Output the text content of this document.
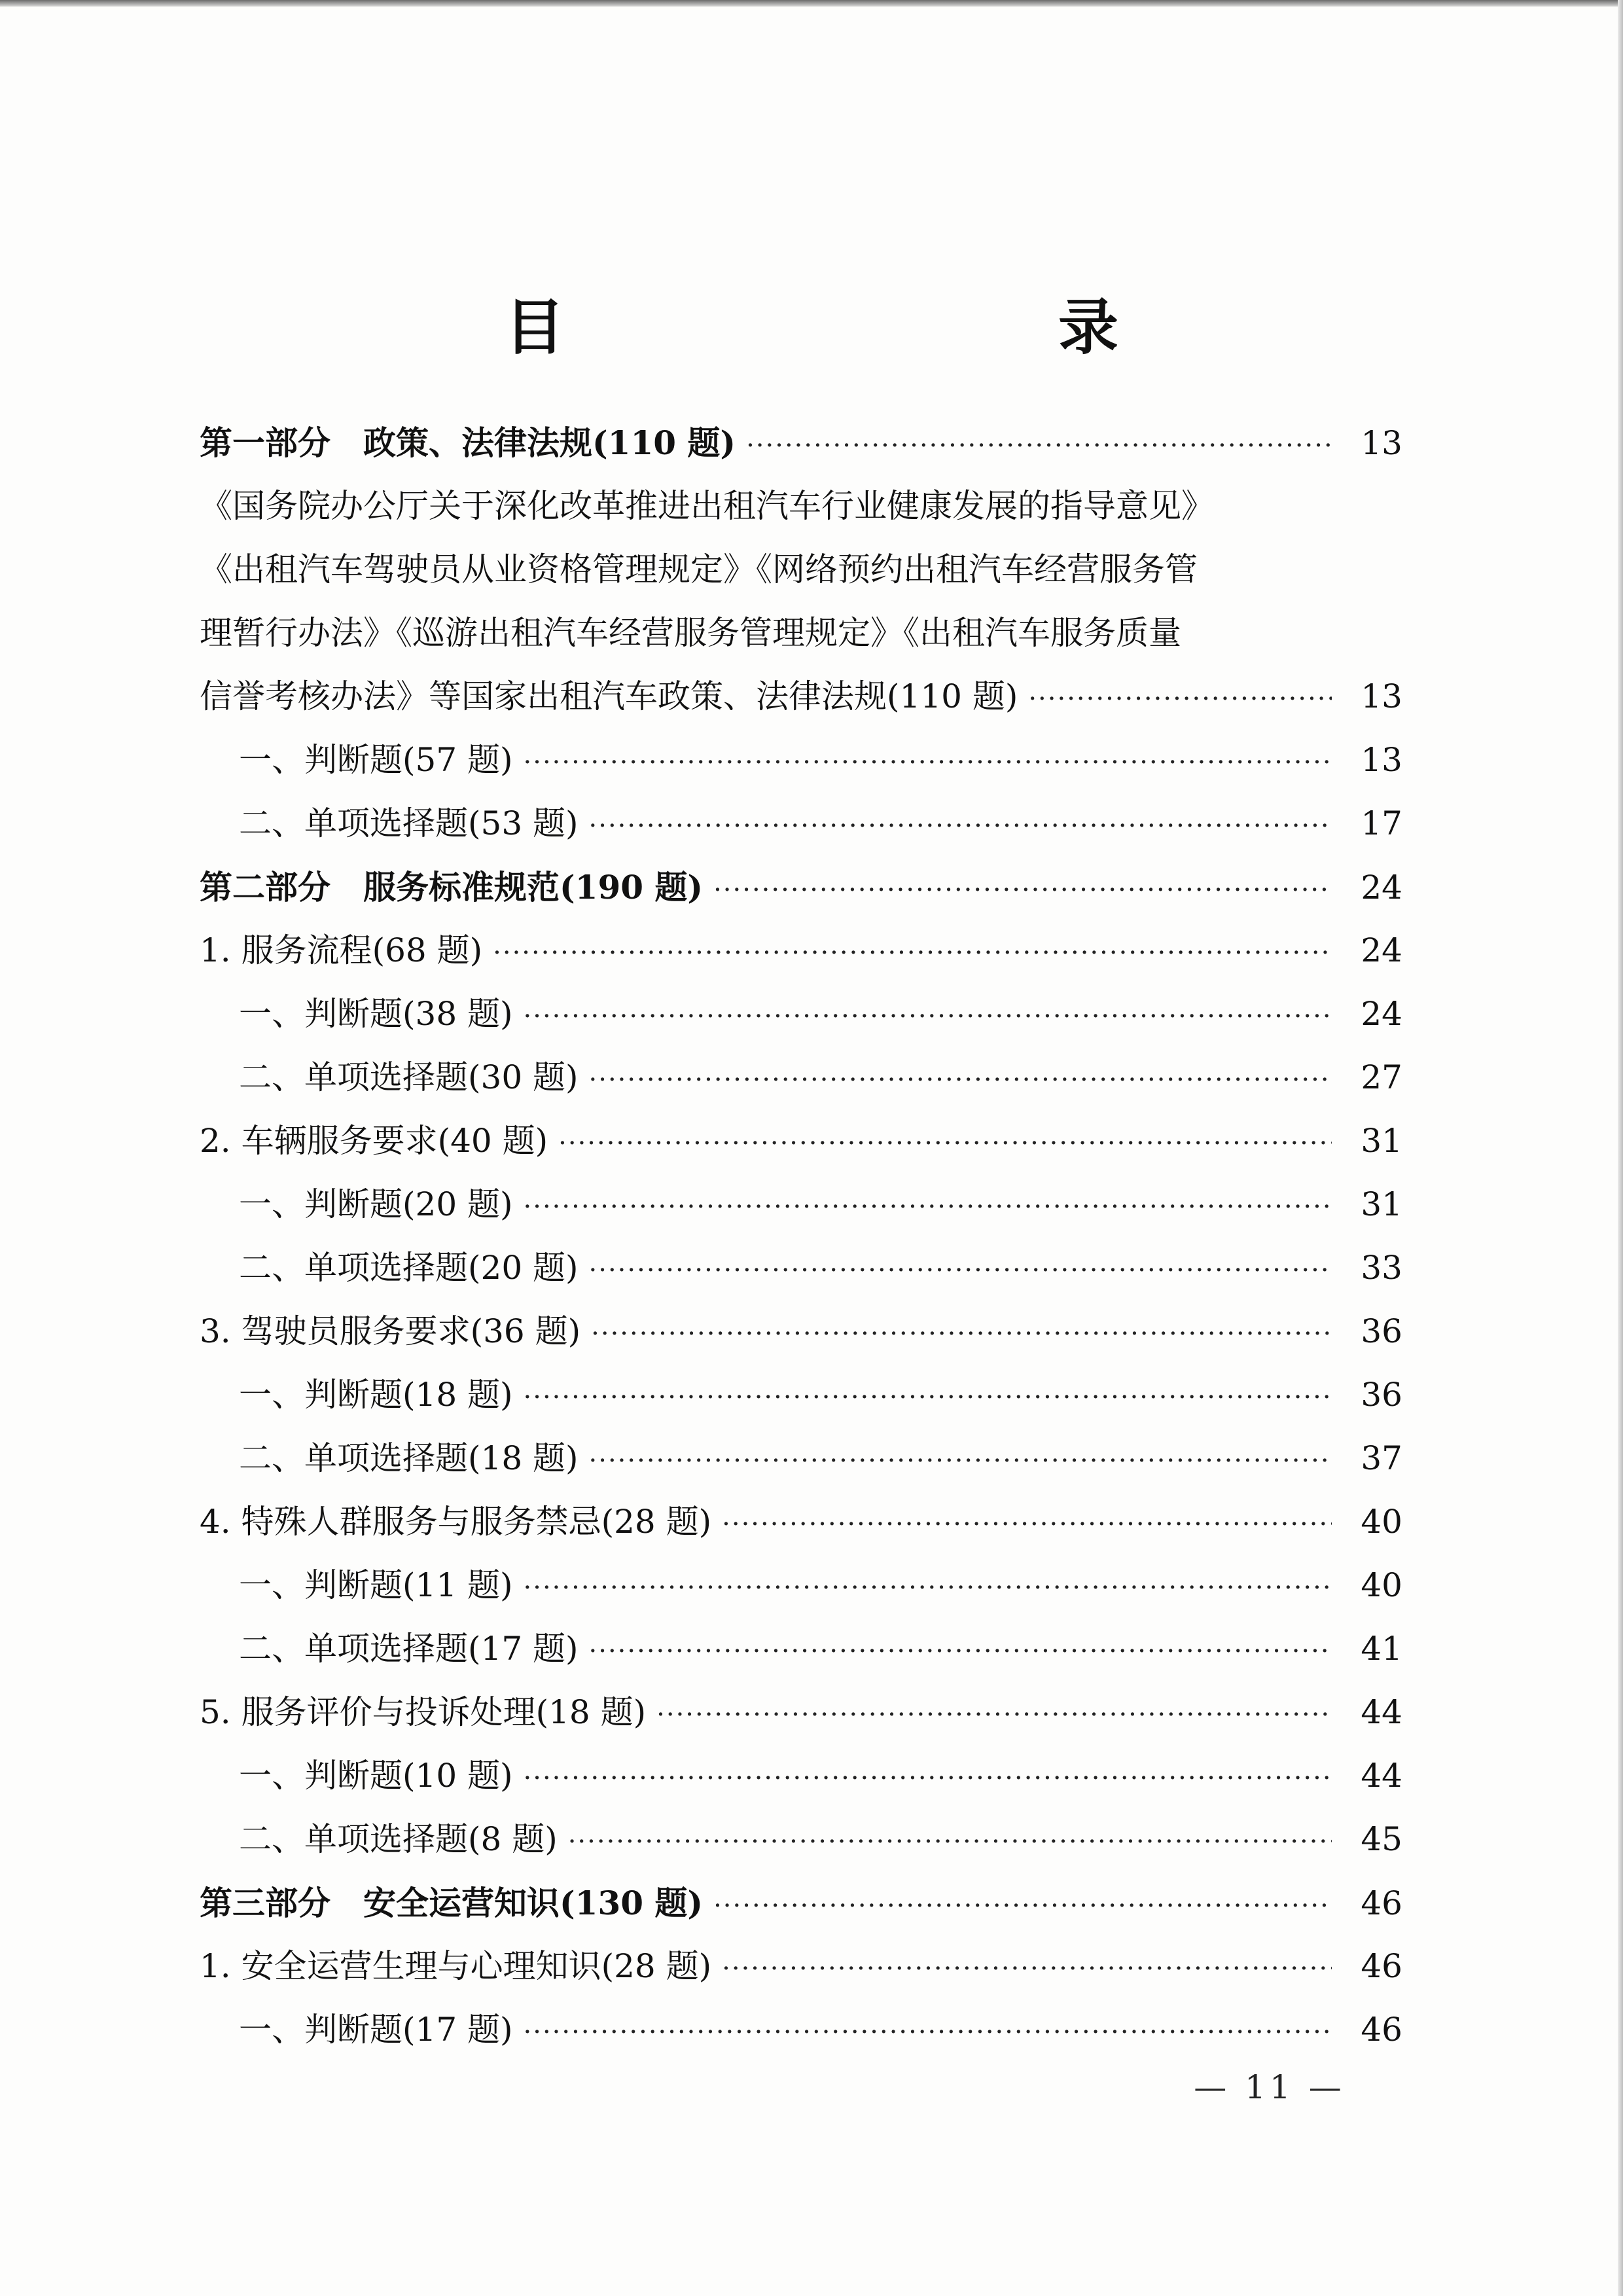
目　　录
第一部分　政策、法律法规(110 题) ·····	13
《国务院办公厅关于深化改革推进出租汽车行业健康发展的指导意见》
《出租汽车驾驶员从业资格管理规定》《网络预约出租汽车经营服务管
理暂行办法》《巡游出租汽车经营服务管理规定》《出租汽车服务质量
信誉考核办法》等国家出租汽车政策、法律法规(110 题) ·····	13
一、判断题(57 题) ·····	13
二、单项选择题(53 题) ·····	17
第二部分　服务标准规范(190 题) ·····	24
1. 服务流程(68 题) ·····	24
一、判断题(38 题) ·····	24
二、单项选择题(30 题) ·····	27
2. 车辆服务要求(40 题) ·····	31
一、判断题(20 题) ·····	31
二、单项选择题(20 题) ·····	33
3. 驾驶员服务要求(36 题) ·····	36
一、判断题(18 题) ·····	36
二、单项选择题(18 题) ·····	37
4. 特殊人群服务与服务禁忌(28 题) ·····	40
一、判断题(11 题) ·····	40
二、单项选择题(17 题) ·····	41
5. 服务评价与投诉处理(18 题) ·····	44
一、判断题(10 题) ·····	44
二、单项选择题(8 题) ·····	45
第三部分　安全运营知识(130 题) ·····	46
1. 安全运营生理与心理知识(28 题) ·····	46
一、判断题(17 题) ·····	46
— 11 —
